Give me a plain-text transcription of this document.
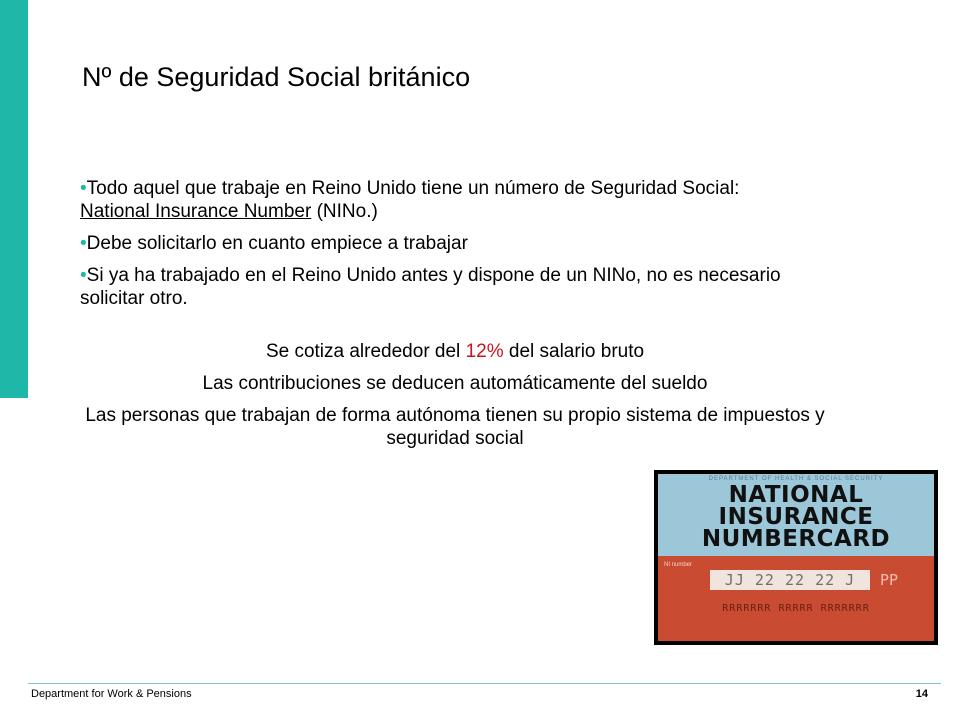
Nº de Seguridad Social británico

•Todo aquel que trabaje en Reino Unido tiene un número de Seguridad Social: National Insurance Number (NINo.)

•Debe solicitarlo en cuanto empiece a trabajar

•Si ya ha trabajado en el Reino Unido antes y dispone de un NINo, no es necesario solicitar otro.

Se cotiza alrededor del 12% del salario bruto

Las contribuciones se deducen automáticamente del sueldo

Las personas que trabajan de forma autónoma tienen su propio sistema de impuestos y seguridad social

DEPARTMENT OF HEALTH & SOCIAL SECURITY
NATIONAL
INSURANCE
NUMBERCARD
NI number
JJ 22 22 22 J	PP
RRRRRRR RRRRR RRRRRRR
Department for Work & Pensions	14
